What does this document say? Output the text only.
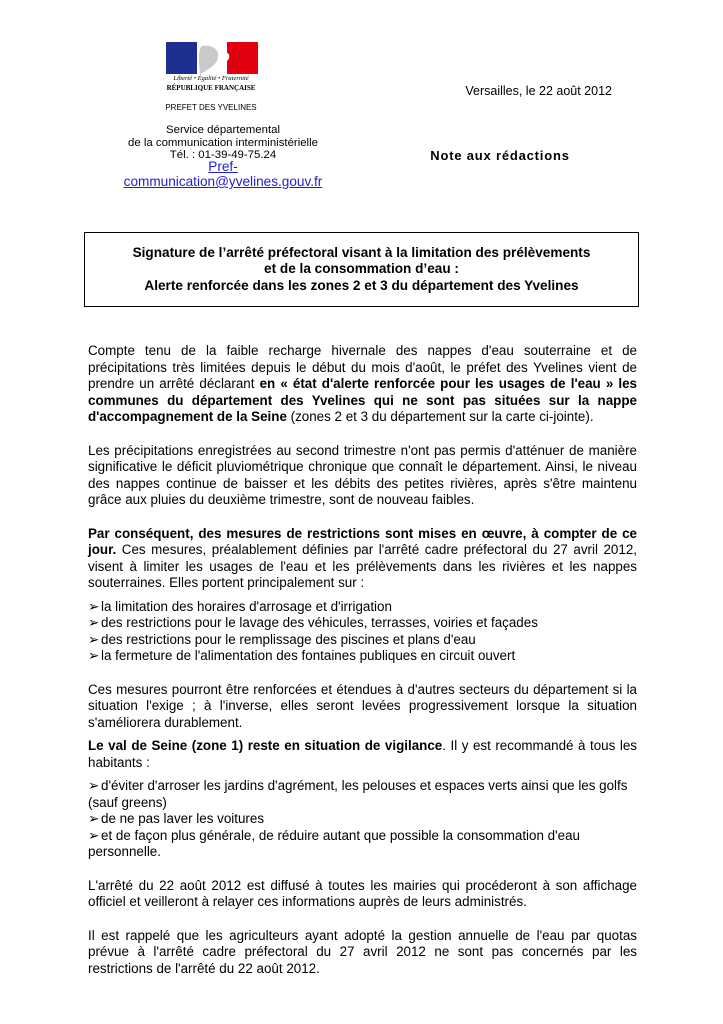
Liberté • Égalité • Fraternité
RÉPUBLIQUE FRANÇAISE
PREFET DES YVELINES
Service départemental
de la communication interministérielle
Tél. : 01-39-49-75.24
Pref-
communication@yvelines.gouv.fr
Versailles, le 22 août 2012
Note aux rédactions
Signature de l’arrêté préfectoral visant à la limitation des prélèvements
et de la consommation d’eau :
Alerte renforcée dans les zones 2 et 3 du département des Yvelines

Compte tenu de la faible recharge hivernale des nappes d'eau souterraine et de précipitations très limitées depuis le début du mois d'août, le préfet des Yvelines vient de prendre un arrêté déclarant en « état d'alerte renforcée pour les usages de l'eau » les communes du département des Yvelines qui ne sont pas situées sur la nappe d'accompagnement de la Seine (zones 2 et 3 du département sur la carte ci-jointe).

Les précipitations enregistrées au second trimestre n'ont pas permis d'atténuer de manière significative le déficit pluviométrique chronique que connaît le département. Ainsi, le niveau des nappes continue de baisser et les débits des petites rivières, après s'être maintenu grâce aux pluies du deuxième trimestre, sont de nouveau faibles.

Par conséquent, des mesures de restrictions sont mises en œuvre, à compter de ce jour. Ces mesures, préalablement définies par l'arrêté cadre préfectoral du 27 avril 2012, visent à limiter les usages de l'eau et les prélèvements dans les rivières et les nappes souterraines. Elles portent principalement sur :

➢ la limitation des horaires d'arrosage et d'irrigation
➢ des restrictions pour le lavage des véhicules, terrasses, voiries et façades
➢ des restrictions pour le remplissage des piscines et plans d'eau
➢ la fermeture de l'alimentation des fontaines publiques en circuit ouvert

Ces mesures pourront être renforcées et étendues à d'autres secteurs du département si la situation l'exige ; à l'inverse, elles seront levées progressivement lorsque la situation s'améliorera durablement.

Le val de Seine (zone 1) reste en situation de vigilance. Il y est recommandé à tous les habitants :

➢ d'éviter d'arroser les jardins d'agrément, les pelouses et espaces verts ainsi que les golfs (sauf greens)
➢ de ne pas laver les voitures
➢ et de façon plus générale, de réduire autant que possible la consommation d'eau personnelle.

L'arrêté du 22 août 2012 est diffusé à toutes les mairies qui procéderont à son affichage officiel et veilleront à relayer ces informations auprès de leurs administrés.

Il est rappelé que les agriculteurs ayant adopté la gestion annuelle de l'eau par quotas prévue à l'arrêté cadre préfectoral du 27 avril 2012 ne sont pas concernés par les restrictions de l'arrêté du 22 août 2012.
